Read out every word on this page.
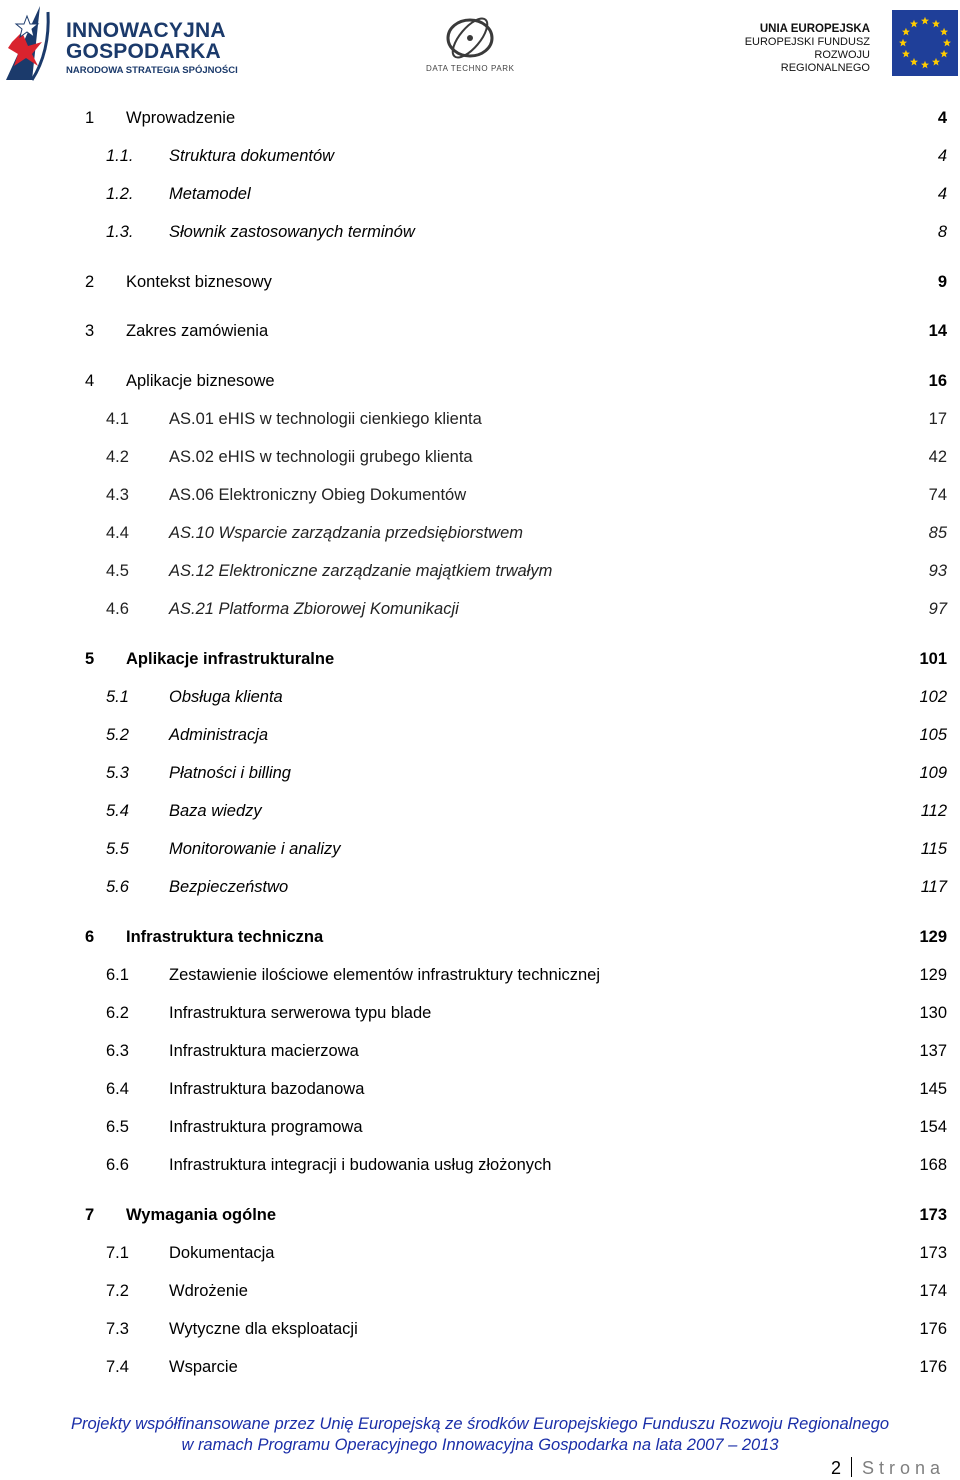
INNOWACYJNA
GOSPODARKA
NARODOWA STRATEGIA SPÓJNOŚCI	DATA TECHNO PARK
UNIA EUROPEJSKA
EUROPEJSKI FUNDUSZ
ROZWOJU REGIONALNEGO
1 Wprowadzenie	4
1.1. Struktura dokumentów	4
1.2. Metamodel	4
1.3. Słownik zastosowanych terminów	8
2 Kontekst biznesowy	9
3 Zakres zamówienia	14
4 Aplikacje biznesowe	16
4.1 AS.01 eHIS w technologii cienkiego klienta	17
4.2 AS.02 eHIS w technologii grubego klienta	42
4.3 AS.06 Elektroniczny Obieg Dokumentów	74
4.4 AS.10 Wsparcie zarządzania przedsiębiorstwem	85
4.5 AS.12 Elektroniczne zarządzanie majątkiem trwałym	93
4.6 AS.21 Platforma Zbiorowej Komunikacji	97
5 Aplikacje infrastrukturalne	101
5.1 Obsługa klienta	102
5.2 Administracja	105
5.3 Płatności i billing	109
5.4 Baza wiedzy	112
5.5 Monitorowanie i analizy	115
5.6 Bezpieczeństwo	117
6 Infrastruktura techniczna	129
6.1 Zestawienie ilościowe elementów infrastruktury technicznej	129
6.2 Infrastruktura serwerowa typu blade	130
6.3 Infrastruktura macierzowa	137
6.4 Infrastruktura bazodanowa	145
6.5 Infrastruktura programowa	154
6.6 Infrastruktura integracji i budowania usług złożonych	168
7 Wymagania ogólne	173
7.1 Dokumentacja	173
7.2 Wdrożenie	174
7.3 Wytyczne dla eksploatacji	176
7.4 Wsparcie	176
Projekty współfinansowane przez Unię Europejską ze środków Europejskiego Funduszu Rozwoju Regionalnego
w ramach Programu Operacyjnego Innowacyjna Gospodarka na lata 2007 – 2013
2 Strona
